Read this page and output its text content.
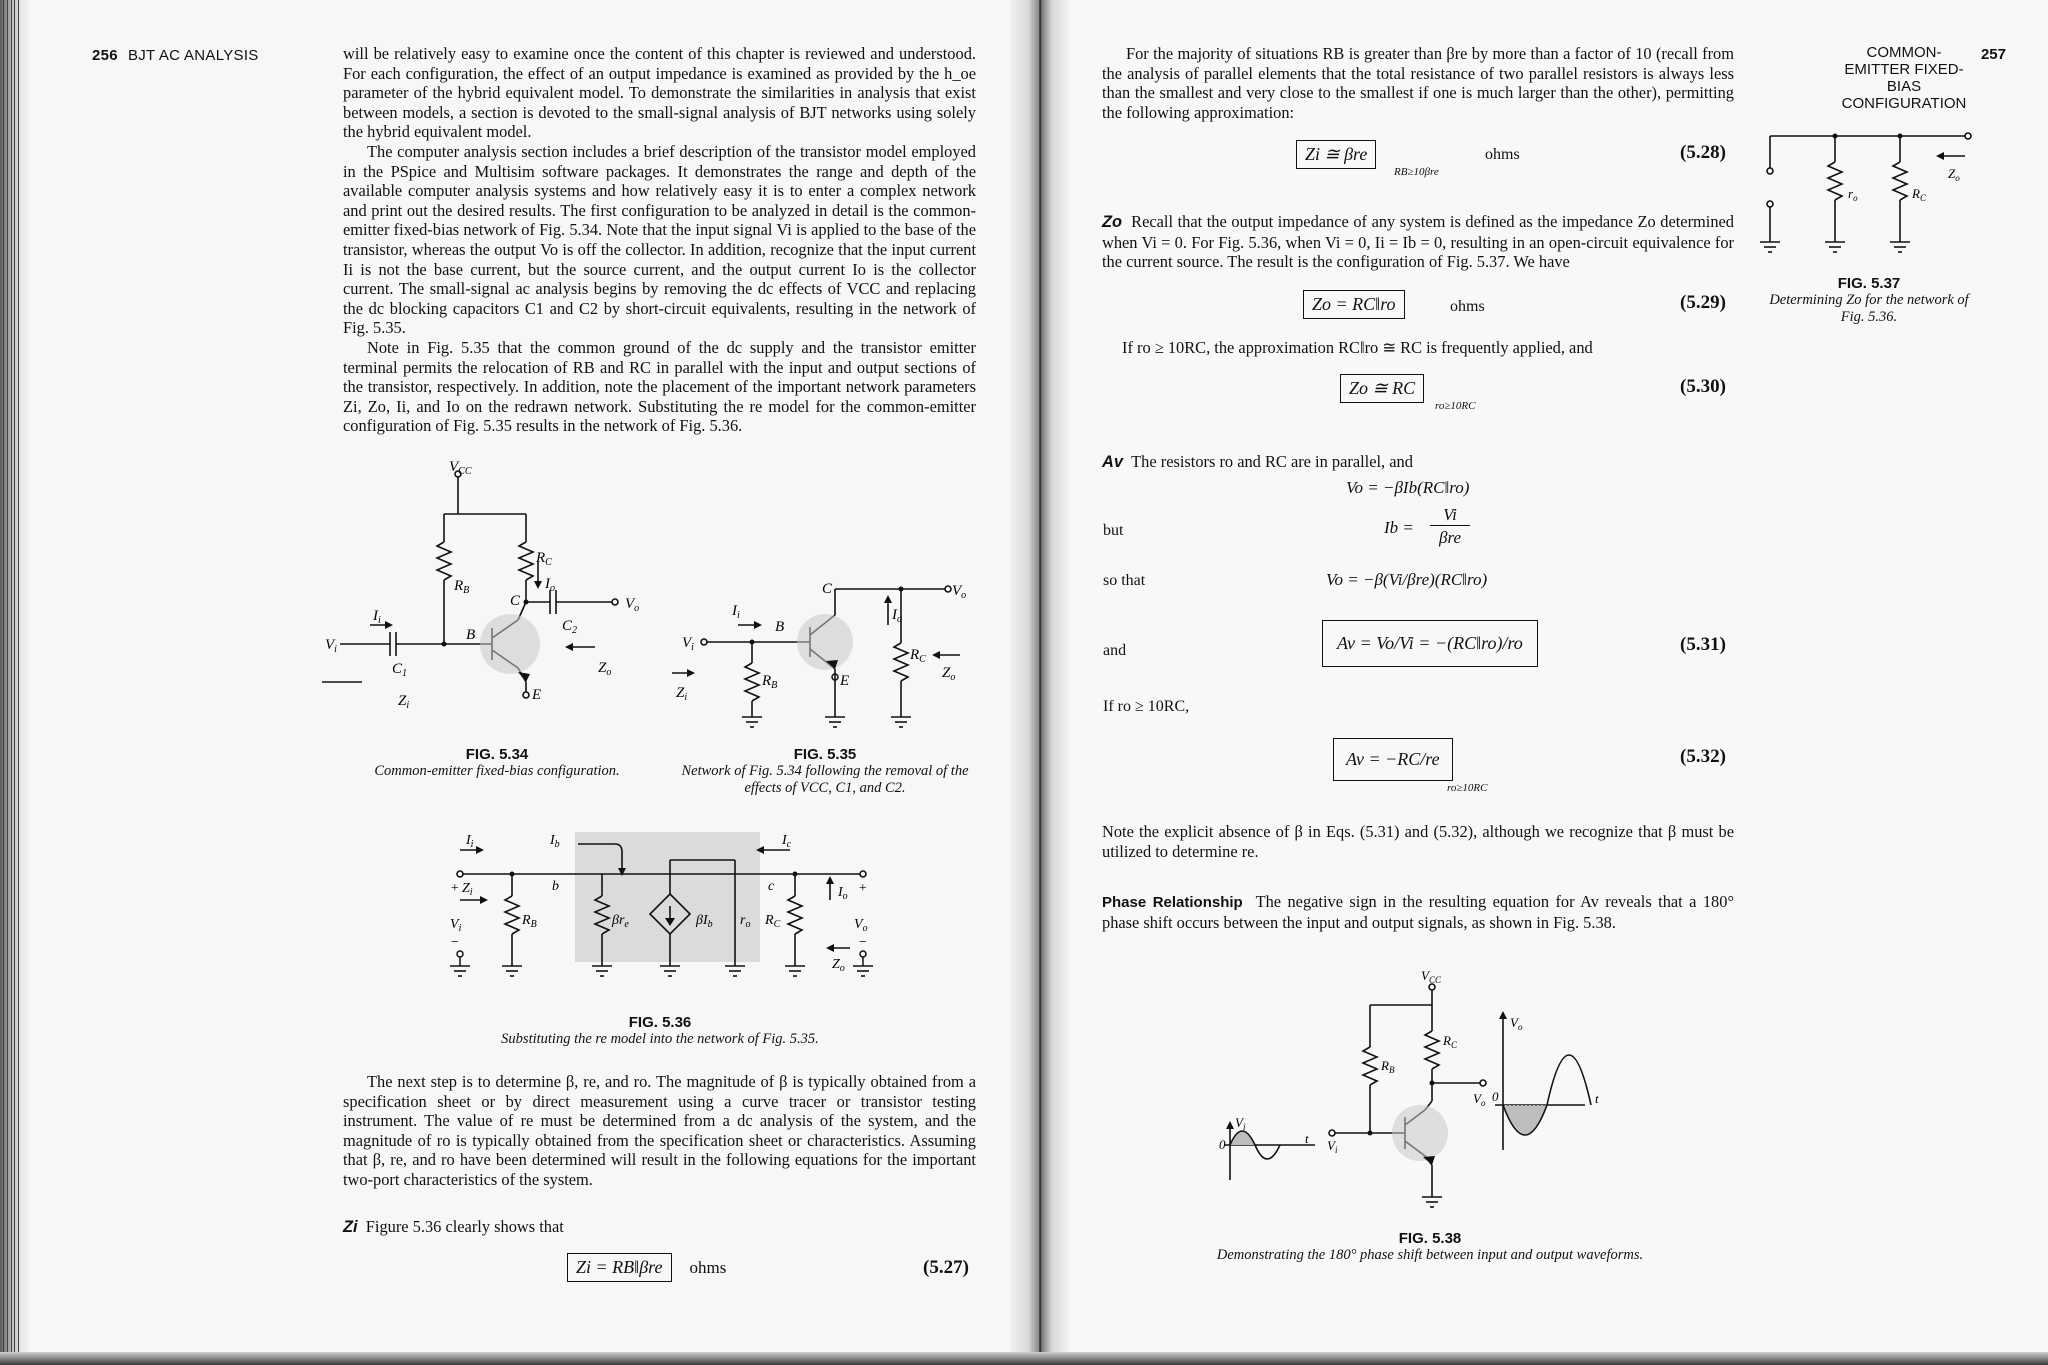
256 BJT AC ANALYSIS	will be relatively easy to examine once the content of this chapter is reviewed and understood. For each configuration, the effect of an output impedance is examined as provided by the h_oe parameter of the hybrid equivalent model. To demonstrate the similarities in analysis that exist between models, a section is devoted to the small-signal analysis of BJT networks using solely the hybrid equivalent model.

The computer analysis section includes a brief description of the transistor model employed in the PSpice and Multisim software packages. It demonstrates the range and depth of the available computer analysis systems and how relatively easy it is to enter a complex network and print out the desired results. The first configuration to be analyzed in detail is the common-emitter fixed-bias network of Fig. 5.34. Note that the input signal Vi is applied to the base of the transistor, whereas the output Vo is off the collector. In addition, recognize that the input current Ii is not the base current, but the source current, and the output current Io is the collector current. The small-signal ac analysis begins by removing the dc effects of VCC and replacing the dc blocking capacitors C1 and C2 by short-circuit equivalents, resulting in the network of Fig. 5.35.

Note in Fig. 5.35 that the common ground of the dc supply and the transistor emitter terminal permits the relocation of RB and RC in parallel with the input and output sections of the transistor, respectively. In addition, note the placement of the important network parameters Zi, Zo, Ii, and Io on the redrawn network. Substituting the re model for the common-emitter configuration of Fig. 5.35 results in the network of Fig. 5.36.

$V_{CC}$
$R_B$
$R_C$
$I_o$
C
$C_2$
$V_o$
B
E
$Z_o$
$I_i$
$V_i$
$C_1$
$Z_i$
FIG. 5.34
Common-emitter fixed-bias configuration.
C	$V_o$
$I_o$
B
$I_i$
$V_i$
$R_B$	E
$R_C$
$Z_o$
$Z_i$
FIG. 5.35
Network of Fig. 5.34 following the removal of the effects of VCC, C1, and C2.
$I_i$	$I_b$	$I_c$
b	c
+ $Z_i$
$V_i$
−
$R_B$	$\beta r_e$	$\beta I_b$ $r_o$ $R_C$
$I_o$
+
$V_o$
−
$Z_o$
FIG. 5.36
Substituting the re model into the network of Fig. 5.35.

The next step is to determine β, re, and ro. The magnitude of β is typically obtained from a specification sheet or by direct measurement using a curve tracer or transistor testing instrument. The value of re must be determined from a dc analysis of the system, and the magnitude of ro is typically obtained from the specification sheet or characteristics. Assuming that β, re, and ro have been determined will result in the following equations for the important two-port characteristics of the system.

Zi Figure 5.36 clearly shows that
Zi = RB‖βre	ohms	(5.27)
COMMON-EMITTER FIXED-BIAS CONFIGURATION
257

For the majority of situations RB is greater than βre by more than a factor of 10 (recall from the analysis of parallel elements that the total resistance of two parallel resistors is always less than the smallest and very close to the smallest if one is much larger than the other), permitting the following approximation:

Zi ≅ βre
RB≥10βre
ohms	(5.28)
Zo Recall that the output impedance of any system is defined as the impedance Zo determined when Vi = 0. For Fig. 5.36, when Vi = 0, Ii = Ib = 0, resulting in an open-circuit equivalence for the current source. The result is the configuration of Fig. 5.37. We have
Zo = RC‖ro	ohms	(5.29)
If ro ≥ 10RC, the approximation RC‖ro ≅ RC is frequently applied, and
Zo ≅ RC
ro≥10RC
(5.30)
Av The resistors ro and RC are in parallel, and
Vo = −βIb(RC‖ro)
but	Ib =
Vi
βre
so that	Vo = −β(Vi/βre)(RC‖ro)
and	Av = Vo/Vi = −(RC‖ro)/ro	(5.31)
If ro ≥ 10RC,
Av = −RC/re
ro≥10RC
(5.32)
Note the explicit absence of β in Eqs. (5.31) and (5.32), although we recognize that β must be utilized to determine re.
Phase Relationship The negative sign in the resulting equation for Av reveals that a 180° phase shift occurs between the input and output signals, as shown in Fig. 5.38.
$r_o$	$R_C$
$Z_o$
FIG. 5.37
Determining Zo for the network of Fig. 5.36.
$V_{CC}$
$R_B$
$R_C$
$V_o$
$V_i$
$V_i$
0	t
$V_o$
0	t
FIG. 5.38
Demonstrating the 180° phase shift between input and output waveforms.
